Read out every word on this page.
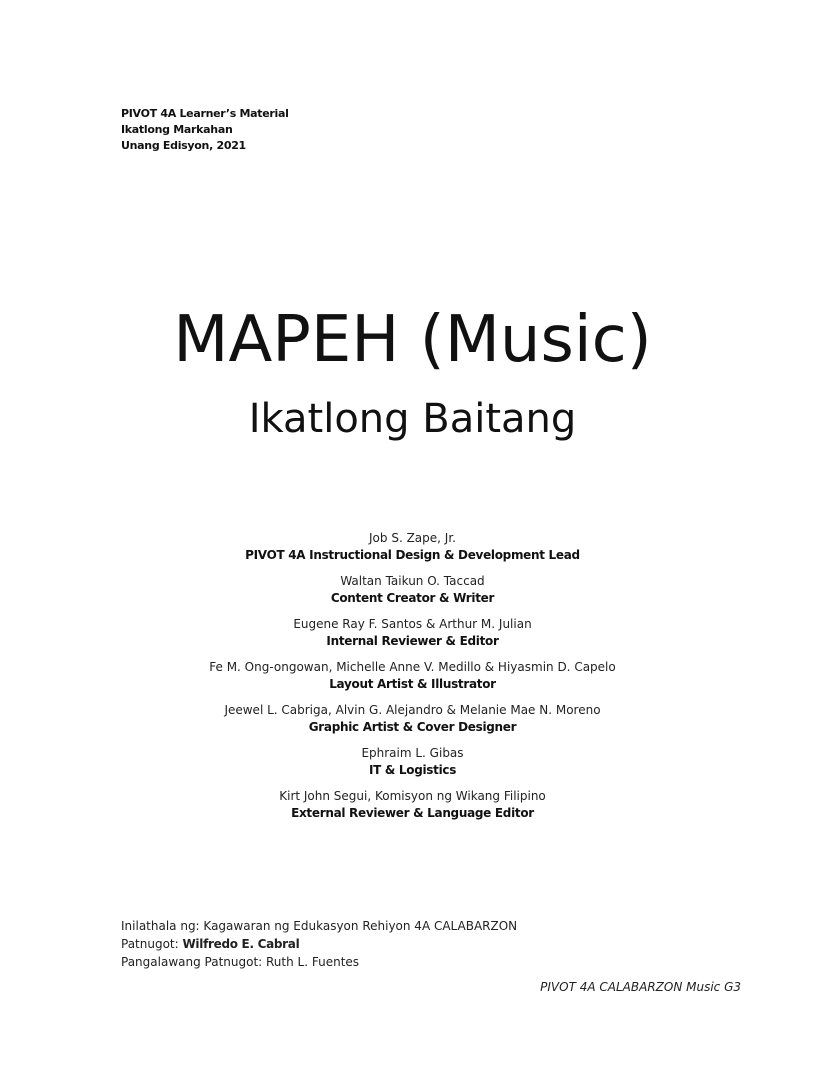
PIVOT 4A Learner’s Material
Ikatlong Markahan
Unang Edisyon, 2021
MAPEH (Music)
Ikatlong Baitang
Job S. Zape, Jr.
PIVOT 4A Instructional Design & Development Lead
Waltan Taikun O. Taccad
Content Creator & Writer
Eugene Ray F. Santos & Arthur M. Julian
Internal Reviewer & Editor
Fe M. Ong-ongowan, Michelle Anne V. Medillo & Hiyasmin D. Capelo
Layout Artist & Illustrator
Jeewel L. Cabriga, Alvin G. Alejandro & Melanie Mae N. Moreno
Graphic Artist & Cover Designer
Ephraim L. Gibas
IT & Logistics
Kirt John Segui, Komisyon ng Wikang Filipino
External Reviewer & Language Editor
Inilathala ng: Kagawaran ng Edukasyon Rehiyon 4A CALABARZON
Patnugot: Wilfredo E. Cabral
Pangalawang Patnugot: Ruth L. Fuentes
PIVOT 4A CALABARZON Music G3
